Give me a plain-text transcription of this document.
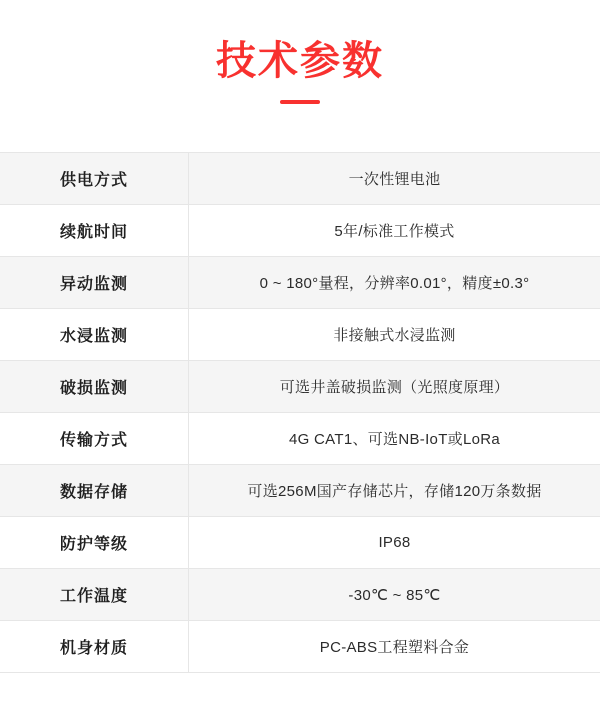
技术参数
供电方式	一次性锂电池
续航时间	5年/标准工作模式
异动监测	0 ~ 180°量程，分辨率0.01°，精度±0.3°
水浸监测	非接触式水浸监测
破损监测	可选井盖破损监测（光照度原理）
传输方式	4G CAT1、可选NB-IoT或LoRa
数据存储	可选256M国产存储芯片，存储120万条数据
防护等级	IP68
工作温度	-30℃ ~ 85℃
机身材质	PC-ABS工程塑料合金
